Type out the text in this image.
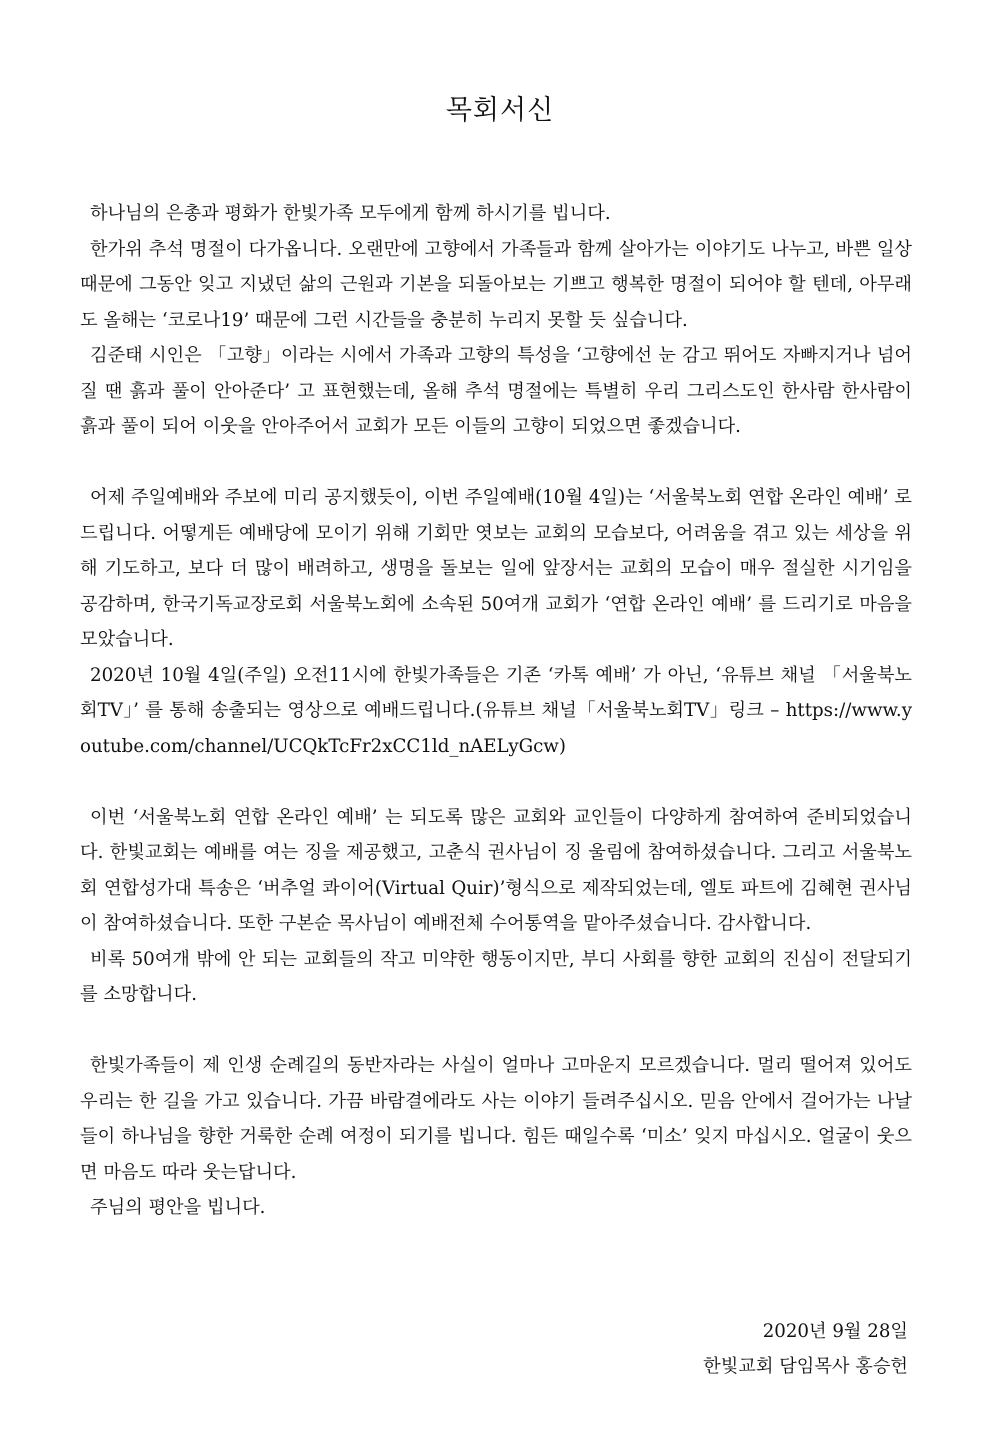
목회서신

하나님의 은총과 평화가 한빛가족 모두에게 함께 하시기를 빕니다.

한가위 추석 명절이 다가옵니다. 오랜만에 고향에서 가족들과 함께 살아가는 이야기도 나누고, 바쁜 일상 때문에 그동안 잊고 지냈던 삶의 근원과 기본을 되돌아보는 기쁘고 행복한 명절이 되어야 할 텐데, 아무래도 올해는 ‘코로나19’ 때문에 그런 시간들을 충분히 누리지 못할 듯 싶습니다.

김준태 시인은 「고향」이라는 시에서 가족과 고향의 특성을 ‘고향에선 눈 감고 뛰어도 자빠지거나 넘어질 땐 흙과 풀이 안아준다’ 고 표현했는데, 올해 추석 명절에는 특별히 우리 그리스도인 한사람 한사람이 흙과 풀이 되어 이웃을 안아주어서 교회가 모든 이들의 고향이 되었으면 좋겠습니다.

어제 주일예배와 주보에 미리 공지했듯이, 이번 주일예배(10월 4일)는 ‘서울북노회 연합 온라인 예배’ 로 드립니다. 어떻게든 예배당에 모이기 위해 기회만 엿보는 교회의 모습보다, 어려움을 겪고 있는 세상을 위해 기도하고, 보다 더 많이 배려하고, 생명을 돌보는 일에 앞장서는 교회의 모습이 매우 절실한 시기임을 공감하며, 한국기독교장로회 서울북노회에 소속된 50여개 교회가 ‘연합 온라인 예배’ 를 드리기로 마음을 모았습니다.

2020년 10월 4일(주일) 오전11시에 한빛가족들은 기존 ‘카톡 예배’ 가 아닌, ‘유튜브 채널 「서울북노회TV」’ 를 통해 송출되는 영상으로 예배드립니다.(유튜브 채널「서울북노회TV」링크 – https://www.youtube.com/channel/UCQkTcFr2xCC1ld_nAELyGcw)

이번 ‘서울북노회 연합 온라인 예배’ 는 되도록 많은 교회와 교인들이 다양하게 참여하여 준비되었습니다. 한빛교회는 예배를 여는 징을 제공했고, 고춘식 권사님이 징 울림에 참여하셨습니다. 그리고 서울북노회 연합성가대 특송은 ‘버추얼 콰이어(Virtual Quir)’형식으로 제작되었는데, 엘토 파트에 김혜현 권사님이 참여하셨습니다. 또한 구본순 목사님이 예배전체 수어통역을 맡아주셨습니다. 감사합니다.

비록 50여개 밖에 안 되는 교회들의 작고 미약한 행동이지만, 부디 사회를 향한 교회의 진심이 전달되기를 소망합니다.

한빛가족들이 제 인생 순례길의 동반자라는 사실이 얼마나 고마운지 모르겠습니다. 멀리 떨어져 있어도 우리는 한 길을 가고 있습니다. 가끔 바람결에라도 사는 이야기 들려주십시오. 믿음 안에서 걸어가는 나날들이 하나님을 향한 거룩한 순례 여정이 되기를 빕니다. 힘든 때일수록 ‘미소’ 잊지 마십시오. 얼굴이 웃으면 마음도 따라 웃는답니다.

주님의 평안을 빕니다.

2020년 9월 28일
한빛교회 담임목사 홍승헌
